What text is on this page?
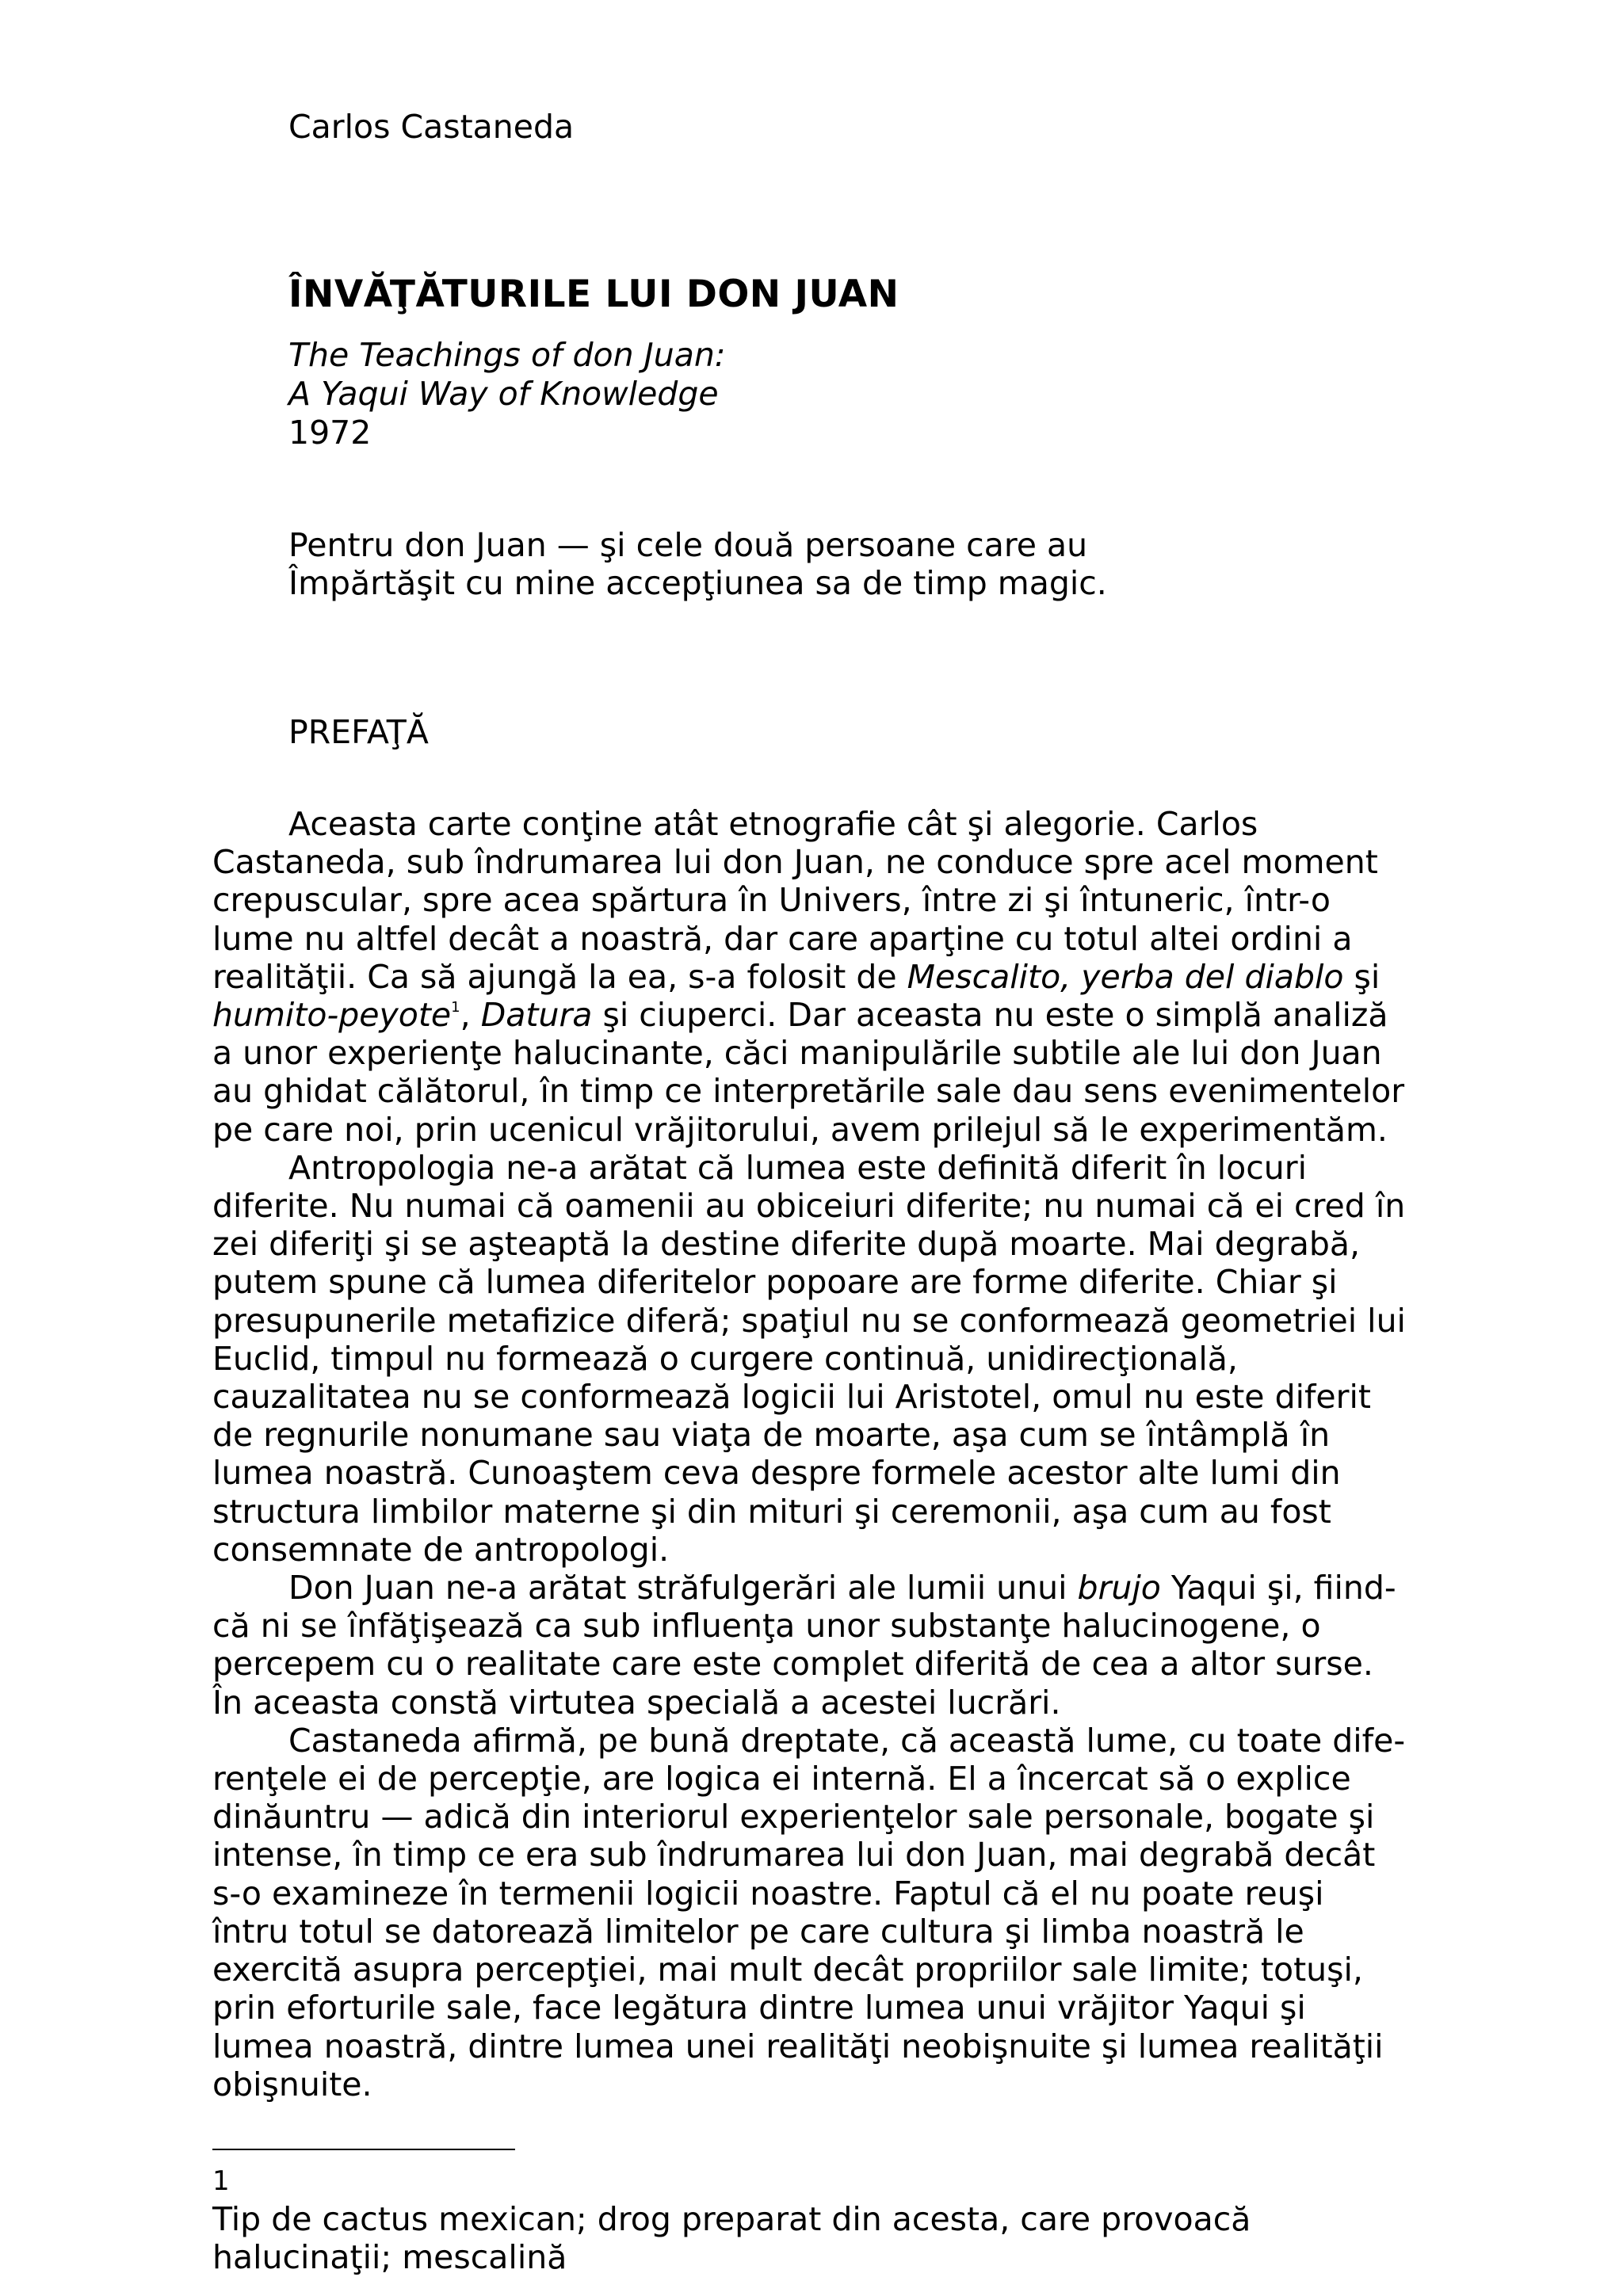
Carlos Castaneda
ÎNVĂŢĂTURILE LUI DON JUAN
The Teachings of don Juan:
A Yaqui Way of Knowledge
1972
Pentru don Juan — şi cele două persoane care au
Împărtăşit cu mine accepţiunea sa de timp magic.
PREFAŢĂ
Aceasta carte conţine atât etnografie cât şi alegorie. Carlos
Castaneda, sub îndrumarea lui don Juan, ne conduce spre acel moment
crepuscular, spre acea spărtura în Univers, între zi şi întuneric, într-o
lume nu altfel decât a noastră, dar care aparţine cu totul altei ordini a
realităţii. Ca să ajungă la ea, s-a folosit de Mescalito, yerba del diablo şi
humito-peyote$^1$, Datura şi ciuperci. Dar aceasta nu este o simplă analiză
a unor experienţe halucinante, căci manipulările subtile ale lui don Juan
au ghidat călătorul, în timp ce interpretările sale dau sens evenimentelor
pe care noi, prin ucenicul vrăjitorului, avem prilejul să le experimentăm.
Antropologia ne-a arătat că lumea este definită diferit în locuri
diferite. Nu numai că oamenii au obiceiuri diferite; nu numai că ei cred în
zei diferiţi şi se aşteaptă la destine diferite după moarte. Mai degrabă,
putem spune că lumea diferitelor popoare are forme diferite. Chiar şi
presupunerile metafizice diferă; spaţiul nu se conformează geometriei lui
Euclid, timpul nu formează o curgere continuă, unidirecţională,
cauzalitatea nu se conformează logicii lui Aristotel, omul nu este diferit
de regnurile nonumane sau viaţa de moarte, aşa cum se întâmplă în
lumea noastră. Cunoaştem ceva despre formele acestor alte lumi din
structura limbilor materne şi din mituri şi ceremonii, aşa cum au fost
consemnate de antropologi.
Don Juan ne-a arătat străfulgerări ale lumii unui brujo Yaqui şi, fiind-
că ni se înfăţişează ca sub influenţa unor substanţe halucinogene, o
percepem cu o realitate care este complet diferită de cea a altor surse.
În aceasta constă virtutea specială a acestei lucrări.
Castaneda afirmă, pe bună dreptate, că această lume, cu toate dife-
renţele ei de percepţie, are logica ei internă. El a încercat să o explice
dinăuntru — adică din interiorul experienţelor sale personale, bogate şi
intense, în timp ce era sub îndrumarea lui don Juan, mai degrabă decât
s-o examineze în termenii logicii noastre. Faptul că el nu poate reuşi
întru totul se datorează limitelor pe care cultura şi limba noastră le
exercită asupra percepţiei, mai mult decât propriilor sale limite; totuşi,
prin eforturile sale, face legătura dintre lumea unui vrăjitor Yaqui şi
lumea noastră, dintre lumea unei realităţi neobişnuite şi lumea realităţii
obişnuite.
1
Tip de cactus mexican; drog preparat din acesta, care provoacă
halucinaţii; mescalină
